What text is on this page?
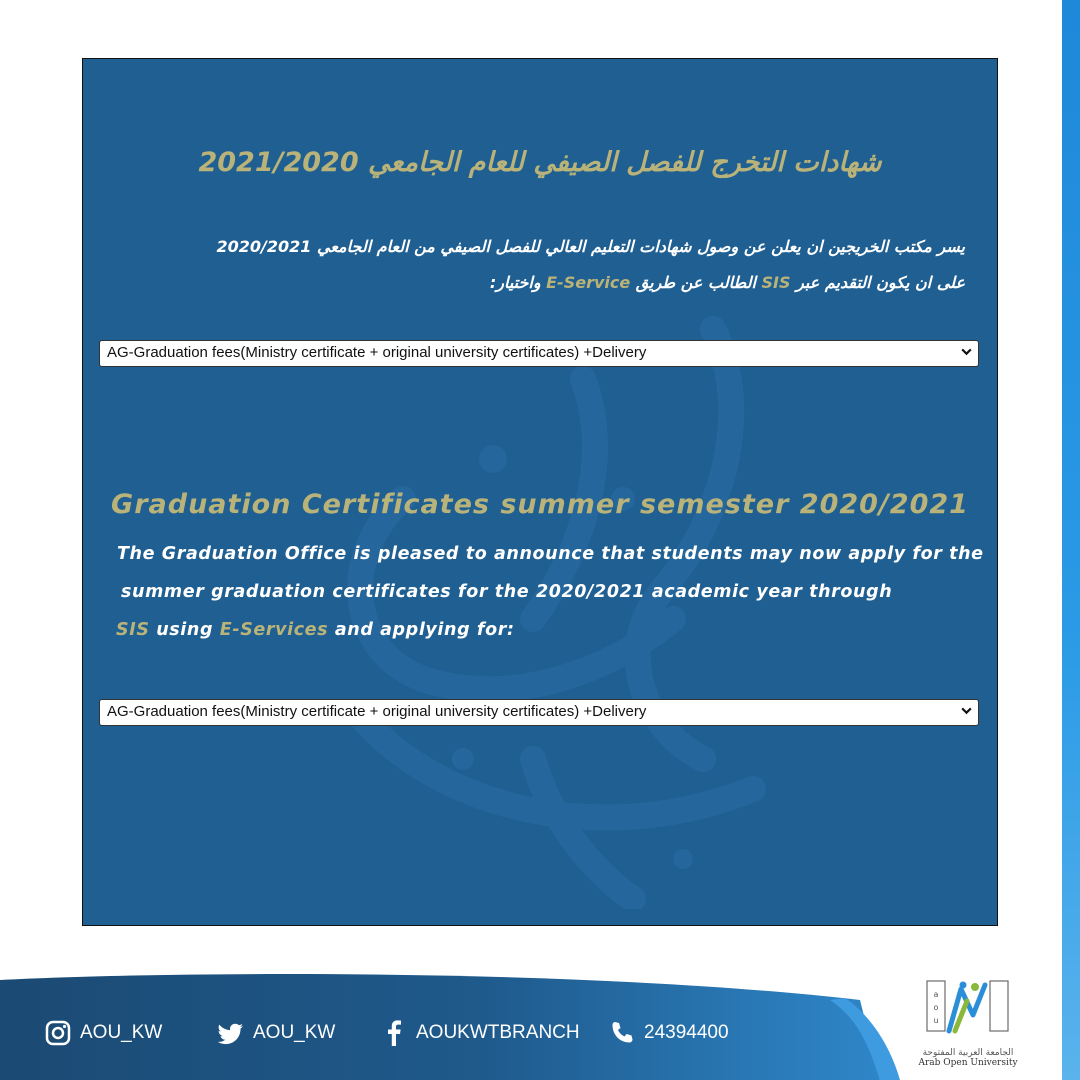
شهادات التخرج للفصل الصيفي للعام الجامعي 2021/2020
يسر مكتب الخريجين ان يعلن عن وصول شهادات التعليم العالي للفصل الصيفي من العام الجامعي 2020/2021
على ان يكون التقديم عبر SIS الطالب عن طريق E-Service واختيار:
AG-Graduation fees(Ministry certificate + original university certificates) +Delivery
Graduation Certificates summer semester 2020/2021
The Graduation Office is pleased to announce that students may now apply for the
summer graduation certificates for the 2020/2021 academic year through
SIS using E-Services and applying for:
AG-Graduation fees(Ministry certificate + original university certificates) +Delivery
AOU_KW	AOU_KW	AOUKWTBRANCH	24394400
a
o
u
الجامعة العربية المفتوحة
Arab Open University
